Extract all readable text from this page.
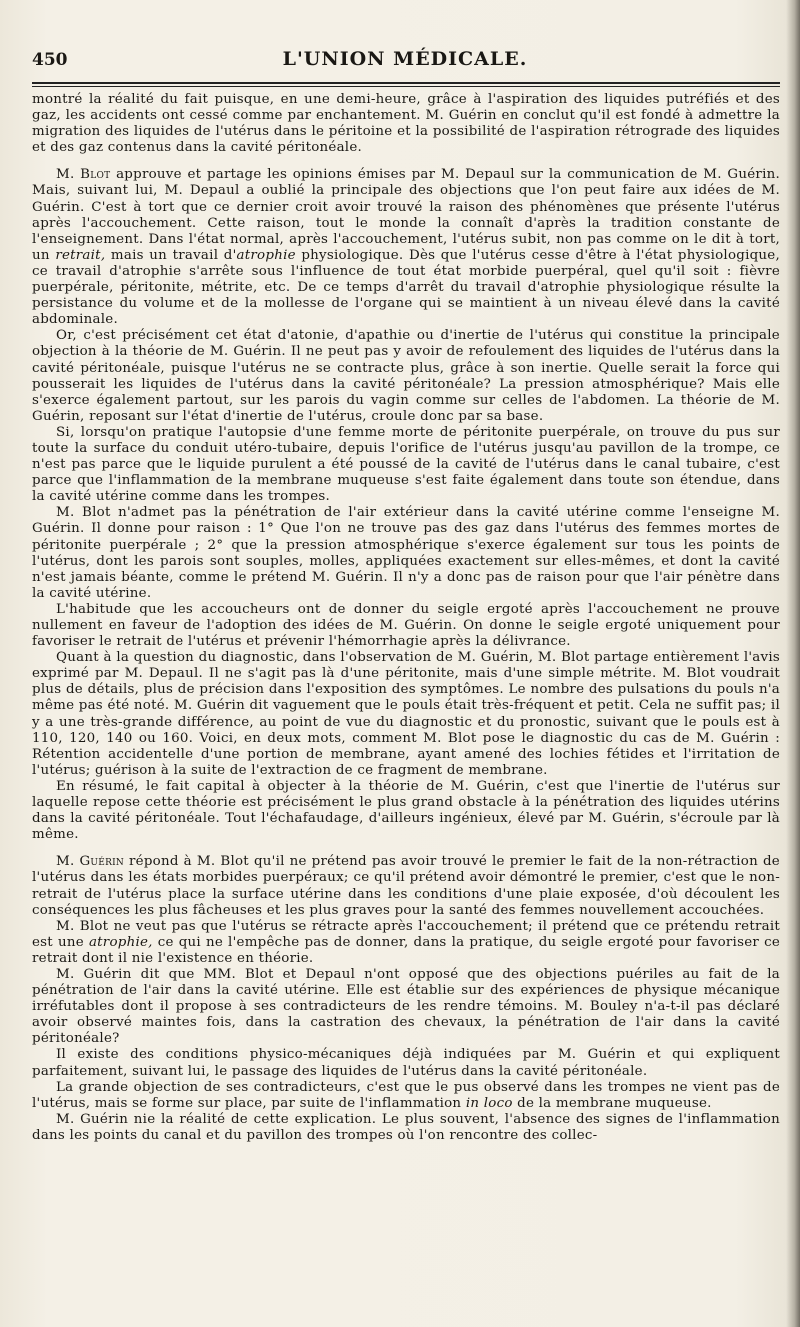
450	L'UNION MÉDICALE.

montré la réalité du fait puisque, en une demi-heure, grâce à l'aspiration des liquides putréfiés et des gaz, les accidents ont cessé comme par enchantement. M. Guérin en conclut qu'il est fondé à admettre la migration des liquides de l'utérus dans le péritoine et la possibilité de l'aspiration rétrograde des liquides et des gaz contenus dans la cavité péritonéale.

M. Blot approuve et partage les opinions émises par M. Depaul sur la communication de M. Guérin. Mais, suivant lui, M. Depaul a oublié la principale des objections que l'on peut faire aux idées de M. Guérin. C'est à tort que ce dernier croit avoir trouvé la raison des phénomènes que présente l'utérus après l'accouchement. Cette raison, tout le monde la connaît d'après la tradition constante de l'enseignement. Dans l'état normal, après l'accouchement, l'utérus subit, non pas comme on le dit à tort, un retrait, mais un travail d'atrophie physiologique. Dès que l'utérus cesse d'être à l'état physiologique, ce travail d'atrophie s'arrête sous l'influence de tout état morbide puerpéral, quel qu'il soit : fièvre puerpérale, péritonite, métrite, etc. De ce temps d'arrêt du travail d'atrophie physiologique résulte la persistance du volume et de la mollesse de l'organe qui se maintient à un niveau élevé dans la cavité abdominale.

Or, c'est précisément cet état d'atonie, d'apathie ou d'inertie de l'utérus qui constitue la principale objection à la théorie de M. Guérin. Il ne peut pas y avoir de refoulement des liquides de l'utérus dans la cavité péritonéale, puisque l'utérus ne se contracte plus, grâce à son inertie. Quelle serait la force qui pousserait les liquides de l'utérus dans la cavité péritonéale? La pression atmosphérique? Mais elle s'exerce également partout, sur les parois du vagin comme sur celles de l'abdomen. La théorie de M. Guérin, reposant sur l'état d'inertie de l'utérus, croule donc par sa base.

Si, lorsqu'on pratique l'autopsie d'une femme morte de péritonite puerpérale, on trouve du pus sur toute la surface du conduit utéro-tubaire, depuis l'orifice de l'utérus jusqu'au pavillon de la trompe, ce n'est pas parce que le liquide purulent a été poussé de la cavité de l'utérus dans le canal tubaire, c'est parce que l'inflammation de la membrane muqueuse s'est faite également dans toute son étendue, dans la cavité utérine comme dans les trompes.

M. Blot n'admet pas la pénétration de l'air extérieur dans la cavité utérine comme l'enseigne M. Guérin. Il donne pour raison : 1° Que l'on ne trouve pas des gaz dans l'utérus des femmes mortes de péritonite puerpérale ; 2° que la pression atmosphérique s'exerce également sur tous les points de l'utérus, dont les parois sont souples, molles, appliquées exactement sur elles-mêmes, et dont la cavité n'est jamais béante, comme le prétend M. Guérin. Il n'y a donc pas de raison pour que l'air pénètre dans la cavité utérine.

L'habitude que les accoucheurs ont de donner du seigle ergoté après l'accouchement ne prouve nullement en faveur de l'adoption des idées de M. Guérin. On donne le seigle ergoté uniquement pour favoriser le retrait de l'utérus et prévenir l'hémorrhagie après la délivrance.

Quant à la question du diagnostic, dans l'observation de M. Guérin, M. Blot partage entièrement l'avis exprimé par M. Depaul. Il ne s'agit pas là d'une péritonite, mais d'une simple métrite. M. Blot voudrait plus de détails, plus de précision dans l'exposition des symptômes. Le nombre des pulsations du pouls n'a même pas été noté. M. Guérin dit vaguement que le pouls était très-fréquent et petit. Cela ne suffit pas; il y a une très-grande différence, au point de vue du diagnostic et du pronostic, suivant que le pouls est à 110, 120, 140 ou 160. Voici, en deux mots, comment M. Blot pose le diagnostic du cas de M. Guérin : Rétention accidentelle d'une portion de membrane, ayant amené des lochies fétides et l'irritation de l'utérus; guérison à la suite de l'extraction de ce fragment de membrane.

En résumé, le fait capital à objecter à la théorie de M. Guérin, c'est que l'inertie de l'utérus sur laquelle repose cette théorie est précisément le plus grand obstacle à la pénétration des liquides utérins dans la cavité péritonéale. Tout l'échafaudage, d'ailleurs ingénieux, élevé par M. Guérin, s'écroule par là même.

M. Guérin répond à M. Blot qu'il ne prétend pas avoir trouvé le premier le fait de la non-rétraction de l'utérus dans les états morbides puerpéraux; ce qu'il prétend avoir démontré le premier, c'est que le non-retrait de l'utérus place la surface utérine dans les conditions d'une plaie exposée, d'où découlent les conséquences les plus fâcheuses et les plus graves pour la santé des femmes nouvellement accouchées.

M. Blot ne veut pas que l'utérus se rétracte après l'accouchement; il prétend que ce prétendu retrait est une atrophie, ce qui ne l'empêche pas de donner, dans la pratique, du seigle ergoté pour favoriser ce retrait dont il nie l'existence en théorie.

M. Guérin dit que MM. Blot et Depaul n'ont opposé que des objections puériles au fait de la pénétration de l'air dans la cavité utérine. Elle est établie sur des expériences de physique mécanique irréfutables dont il propose à ses contradicteurs de les rendre témoins. M. Bouley n'a-t-il pas déclaré avoir observé maintes fois, dans la castration des chevaux, la pénétration de l'air dans la cavité péritonéale?

Il existe des conditions physico-mécaniques déjà indiquées par M. Guérin et qui expliquent parfaitement, suivant lui, le passage des liquides de l'utérus dans la cavité péritonéale.

La grande objection de ses contradicteurs, c'est que le pus observé dans les trompes ne vient pas de l'utérus, mais se forme sur place, par suite de l'inflammation in loco de la membrane muqueuse.

M. Guérin nie la réalité de cette explication. Le plus souvent, l'absence des signes de l'inflammation dans les points du canal et du pavillon des trompes où l'on rencontre des collec-
